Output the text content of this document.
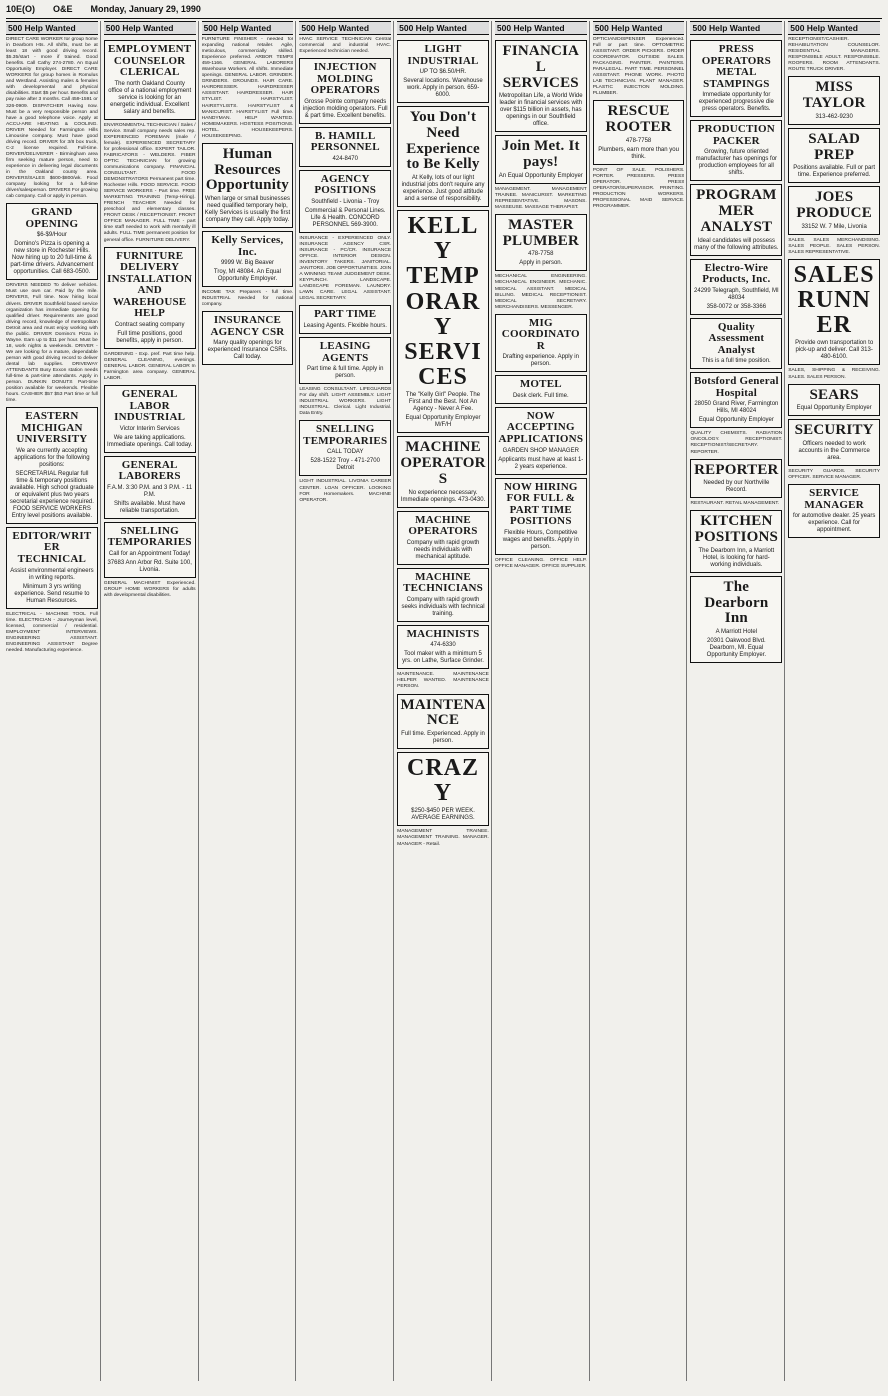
10E(O) O&E Monday, January 29, 1990
500 Help Wanted
DIRECT CARE WORKER for group home in Dearborn Hts. All shifts, must be at least 18 with good driving record. $5.35/start - more if trained. Good benefits. Call Cathy 274-2780. An Equal Opportunity Employer. DIRECT CARE WORKERS for group homes in Romulus and Westland. Assisting males & females with developmental and physical disabilities. Start $5 per hour. Benefits and pay raise after 3 months. Call 459-1591 or 326-0909. DISPATCHER Having now. Must be a very responsible person and have a good telephone voice. Apply at ACCU-ARE HEATING & COOLING. DRIVER Needed for Farmington Hills Limousine company. Must have good driving record. DRIVER for 3/8 box truck, C-2 license required. Full-time. DRIVER/DELIVERER - Birmingham area firm seeking mature person, need to experience in delivering legal documents in the Oakland county area. DRIVERS/SALES $600-$800/wk. Food company looking for a full-time driver/salesperson. DRIVERS For growing cab company. Call or apply in person.
GRAND OPENING
$6-$9/Hour
Domino's Pizza is opening a new store in Rochester Hills. Now hiring up to 20 full-time & part-time drivers. Advancement opportunities. Call 683-0500.
DRIVERS NEEDED To deliver vehicles. Must use own car. Paid by the mile. DRIVERS, Full time. Now hiring local drivers. DRIVER Southfield based service organization has immediate opening for qualified driver. Requirements are good driving record, knowledge of metropolitan Detroit area and must enjoy working with the public. DRIVER Domino's Pizza in Wayne. Earn up to $11 per hour. Must be 18, work nights & weekends. DRIVER - We are looking for a mature, dependable person with good driving record to deliver dental lab supplies. DRIVEWAY ATTENDANTS Busy Exxon station needs full-time & part-time attendants. Apply in person. DUNKIN DONUTS Part-time position available for weekends. Flexible hours. CASHIER $57 $53 Part time or full time.
EASTERN MICHIGAN UNIVERSITY
We are currently accepting applications for the following positions:
SECRETARIAL Regular full time & temporary positions available. High school graduate or equivalent plus two years secretarial experience required. FOOD SERVICE WORKERS Entry level positions available.
EDITOR/WRITER TECHNICAL
Assist environmental engineers in writing reports.
Minimum 3 yrs writing experience. Send resume to Human Resources.
ELECTRICAL - MACHINE TOOL Full time. ELECTRICIAN - Journeyman level, licensed, commercial / residential. EMPLOYMENT INTERVIEWS. ENGINEERING ASSISTANT. ENGINEERING ASSISTANT Degree needed. Manufacturing experience.
500 Help Wanted
EMPLOYMENT COUNSELOR CLERICAL
The north Oakland County office of a national employment service is looking for an energetic individual. Excellent salary and benefits.
ENVIRONMENTAL TECHNICIAN / Sales / Service. Small company needs sales rep. EXPERIENCED FOREMAN (male / female). EXPERIENCED SECRETARY for professional office. EXPERT TAILOR. FABRICATORS - WELDERS. FIBER OPTIC TECHNICIAN for growing communications company. FINANCIAL CONSULTANT. FOOD DEMONSTRATORS Permanent part time. Rochester Hills. FOOD SERVICE. FOOD SERVICE WORKERS - Part time. FREE MARKETING TRAINING (Temp-Hiring). FRENCH TEACHER Needed for preschool and elementary classes. FRONT DESK / RECEPTIONIST. FRONT OFFICE MANAGER. FULL TIME - part time staff needed to work with mentally ill adults. FULL TIME permanent position for general office. FURNITURE DELIVERY.
FURNITURE DELIVERY INSTALLATION AND WAREHOUSE HELP
Contract seating company
Full time positions, good benefits, apply in person.
GARDENING - Exp. pref. Part time help. GENERAL CLEANING, evenings. GENERAL LABOR. GENERAL LABOR In Farmington area company. GENERAL LABOR.
GENERAL LABOR INDUSTRIAL
Victor Interim Services
We are taking applications. Immediate openings. Call today.
GENERAL LABORERS
F.A.M. 3:30 P.M. and 3 P.M. - 11 P.M.
Shifts available. Must have reliable transportation.
SNELLING TEMPORARIES
Call for an Appointment Today!
37683 Ann Arbor Rd. Suite 100, Livonia.
GENERAL MACHINIST Experienced. GROUP HOME WORKERS for adults with developmental disabilities.
500 Help Wanted
FURNITURE FINISHER - needed for expanding national retailer. Agile, meticulous, commercially skilled. Experience preferred. ARBOR TEMPS 459-1166. GENERAL LABORERS Warehouse Workers. All shifts. Immediate openings. GENERAL LABOR. GRINDER. GRINDERS. GROUNDS. HAIR CARE. HAIRDRESSER. HAIRDRESSER ASSISTANT. HAIRDRESSER. HAIR STYLIST. HAIRSTYLIST. HAIRSTYLISTS. HAIRSTYLIST & MANICURIST. HAIRSTYLIST Full time. HANDYMAN. HELP WANTED. HOMEMAKERS. HOSTESS POSITIONS. HOTEL. HOUSEKEEPERS. HOUSEKEEPING.
Human Resources Opportunity
When large or small businesses need qualified temporary help, Kelly Services is usually the first company they call. Apply today.
Kelly Services, Inc.
9999 W. Big Beaver
Troy, MI 48084. An Equal Opportunity Employer.
INCOME TAX Preparers - full time. INDUSTRIAL Needed for national company.
INSURANCE AGENCY CSR
Many quality openings for experienced Insurance CSRs. Call today.
500 Help Wanted
HVAC SERVICE TECHNICIAN Central commercial and industrial HVAC. Experienced technician needed.
INJECTION MOLDING OPERATORS
Grosse Pointe company needs injection molding operators. Full & part time. Excellent benefits.
B. HAMILL PERSONNEL
424-8470
AGENCY POSITIONS
Southfield - Livonia - Troy
Commercial & Personal Lines. Life & Health. CONCORD PERSONNEL 569-3900.
INSURANCE - EXPERIENCED ONLY. INSURANCE AGENCY CSR. INSURANCE - PC/CR. INSURANCE OFFICE. INTERIOR DESIGN. INVENTORY TAKERS. JANITORIAL. JANITORS. JOB OPPORTUNITIES. JOIN A WINNING TEAM! JUDGEMENT DESK. KEYPUNCH. LANDSCAPE. LANDSCAPE FOREMAN. LAUNDRY. LAWN CARE. LEGAL ASSISTANT. LEGAL SECRETARY.
PART TIME
Leasing Agents. Flexible hours.
LEASING AGENTS
Part time & full time. Apply in person.
LEASING CONSULTANT. LIFEGUARDS For day shift. LIGHT ASSEMBLY. LIGHT INDUSTRIAL WORKERS. LIGHT INDUSTRIAL. Clerical. Light Industrial. Data Entry.
SNELLING TEMPORARIES
CALL TODAY
528-1522 Troy - 471-2700 Detroit
LIGHT INDUSTRIAL. LIVONIA CAREER CENTER. LOAN OFFICER. LOOKING FOR Homemakers. MACHINE OPERATOR.
500 Help Wanted
LIGHT INDUSTRIAL
UP TO $6.50/HR.
Several locations. Warehouse work. Apply in person. 659-6000.
You Don't Need Experience to Be Kelly
At Kelly, lots of our light industrial jobs don't require any experience. Just good attitude and a sense of responsibility.
KELLY TEMPORARY SERVICES
The "Kelly Girl" People. The First and the Best. Not An Agency - Never A Fee.
Equal Opportunity Employer M/F/H
MACHINE OPERATORS
No experience necessary. Immediate openings. 473-0430.
MACHINE OPERATORS
Company with rapid growth needs individuals with mechanical aptitude.
MACHINE TECHNICIANS
Company with rapid growth seeks individuals with technical training.
MACHINISTS
474-6330
Tool maker with a minimum 5 yrs. on Lathe, Surface Grinder.
MAINTENANCE. MAINTENANCE HELPER WANTED. MAINTENANCE PERSON.
MAINTENANCE
Full time. Experienced. Apply in person.
CRAZY
$250-$450 PER WEEK. AVERAGE EARNINGS.
MANAGEMENT TRAINEE. MANAGEMENT TRAINING. MANAGER. MANAGER - Retail.
500 Help Wanted
FINANCIAL SERVICES
Metropolitan Life, a World Wide leader in financial services with over $115 billion in assets, has openings in our Southfield office.
Join Met. It pays!
An Equal Opportunity Employer
MANAGEMENT. MANAGEMENT TRAINEE. MANICURIST. MARKETING REPRESENTATIVE. MASONS. MASSEUSE. MASSAGE THERAPIST.
MASTER PLUMBER
478-7758
Apply in person.
MECHANICAL ENGINEERING. MECHANICAL ENGINEER. MECHANIC. MEDICAL ASSISTANT. MEDICAL BILLING. MEDICAL RECEPTIONIST. MEDICAL SECRETARY. MERCHANDISERS. MESSENGER.
MIG COORDINATOR
Drafting experience. Apply in person.
MOTEL
Desk clerk. Full time.
NOW ACCEPTING APPLICATIONS
GARDEN SHOP MANAGER
Applicants must have at least 1-2 years experience.
NOW HIRING FOR FULL & PART TIME POSITIONS
Flexible Hours, Competitive wages and benefits. Apply in person.
OFFICE CLEANING. OFFICE HELP. OFFICE MANAGER. OFFICE SUPPLIER.
500 Help Wanted
OPTICIAN/DISPENSER Experienced. Full or part time. OPTOMETRIC ASSISTANT. ORDER PICKERS. ORDER COORDINATOR. OUTSIDE SALES. PACKAGING. PAINTER. PAINTERS. PARALEGAL. PART TIME. PERSONNEL ASSISTANT. PHONE WORK. PHOTO LAB TECHNICIAN. PLANT MANAGER. PLASTIC INJECTION MOLDING. PLUMBER.
RESCUE ROOTER
478-7758
Plumbers, earn more than you think.
POINT OF SALE. POLISHERS. PORTER. PRESSERS. PRESS OPERATOR. PRESS OPERATOR/SUPERVISOR. PRINTING. PRODUCTION WORKERS. PROFESSIONAL MAID SERVICE. PROGRAMMER.
500 Help Wanted
PRESS OPERATORS METAL STAMPINGS
Immediate opportunity for experienced progressive die press operators. Benefits.
PRODUCTION PACKER
Growing, future oriented manufacturer has openings for production employees for all shifts.
PROGRAMMER ANALYST
Ideal candidates will possess many of the following attributes.
Electro-Wire Products, Inc.
24299 Telegraph, Southfield, MI 48034
358-0072 or 358-3366
Quality Assessment Analyst
This is a full time position.
Botsford General Hospital
28050 Grand River, Farmington Hills, MI 48024
Equal Opportunity Employer
QUALITY CHEMISTS. RADIATION ONCOLOGY. RECEPTIONIST. RECEPTIONIST/SECRETARY. REPORTER.
REPORTER
Needed by our Northville Record.
RESTAURANT. RETAIL MANAGEMENT.
KITCHEN POSITIONS
The Dearborn Inn, a Marriott Hotel, is looking for hard-working individuals.
The Dearborn Inn
A Marriott Hotel
20301 Oakwood Blvd. Dearborn, MI. Equal Opportunity Employer.
500 Help Wanted
RECEPTIONIST/CASHIER. REHABILITATION COUNSELOR. RESIDENTIAL MANAGERS. RESPONSIBLE ADULT. RESPONSIBLE. ROOFERS. ROOM ATTENDANTS. ROUTE TRUCK DRIVER.
MISS TAYLOR
313-462-9230
SALAD PREP
Positions available. Full or part time. Experience preferred.
JOES PRODUCE
33152 W. 7 Mile, Livonia
SALES. SALES MERCHANDISING. SALES PEOPLE. SALES PERSON. SALES REPRESENTATIVE.
SALES RUNNER
Provide own transportation to pick-up and deliver. Call 313-480-6100.
SALES, SHIPPING & RECEIVING. SALES. SALES PERSON.
SEARS
Equal Opportunity Employer
SECURITY
Officers needed to work accounts in the Commerce area.
SECURITY GUARDS. SECURITY OFFICER. SERVICE MANAGER.
SERVICE MANAGER
for automotive dealer. 25 years experience. Call for appointment.
